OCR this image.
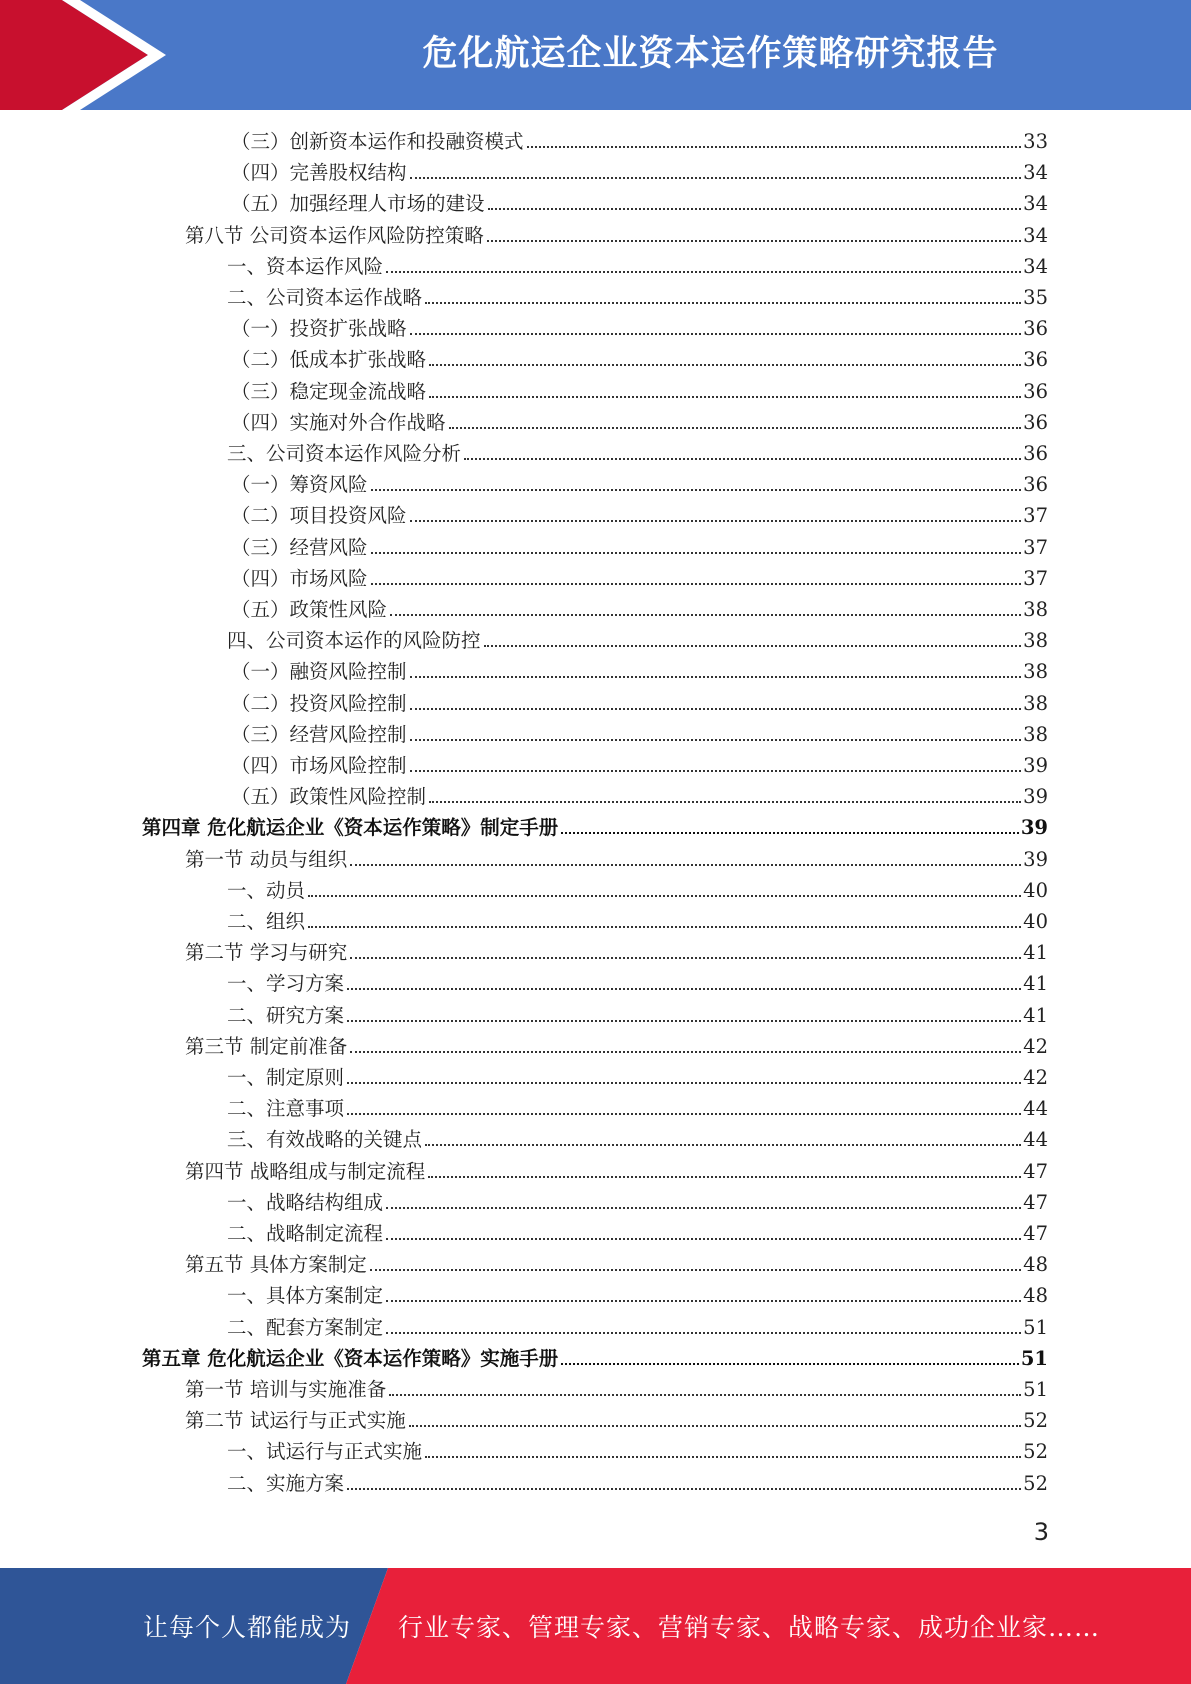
危化航运企业资本运作策略研究报告
（三）创新资本运作和投融资模式	33
（四）完善股权结构	34
（五）加强经理人市场的建设	34
第八节 公司资本运作风险防控策略	34
一、资本运作风险	34
二、公司资本运作战略	35
（一）投资扩张战略	36
（二）低成本扩张战略	36
（三）稳定现金流战略	36
（四）实施对外合作战略	36
三、公司资本运作风险分析	36
（一）筹资风险	36
（二）项目投资风险	37
（三）经营风险	37
（四）市场风险	37
（五）政策性风险	38
四、公司资本运作的风险防控	38
（一）融资风险控制	38
（二）投资风险控制	38
（三）经营风险控制	38
（四）市场风险控制	39
（五）政策性风险控制	39
第四章 危化航运企业《资本运作策略》制定手册	39
第一节 动员与组织	39
一、动员	40
二、组织	40
第二节 学习与研究	41
一、学习方案	41
二、研究方案	41
第三节 制定前准备	42
一、制定原则	42
二、注意事项	44
三、有效战略的关键点	44
第四节 战略组成与制定流程	47
一、战略结构组成	47
二、战略制定流程	47
第五节 具体方案制定	48
一、具体方案制定	48
二、配套方案制定	51
第五章 危化航运企业《资本运作策略》实施手册	51
第一节 培训与实施准备	51
第二节 试运行与正式实施	52
一、试运行与正式实施	52
二、实施方案	52
3
让每个人都能成为 行业专家、管理专家、营销专家、战略专家、成功企业家……
